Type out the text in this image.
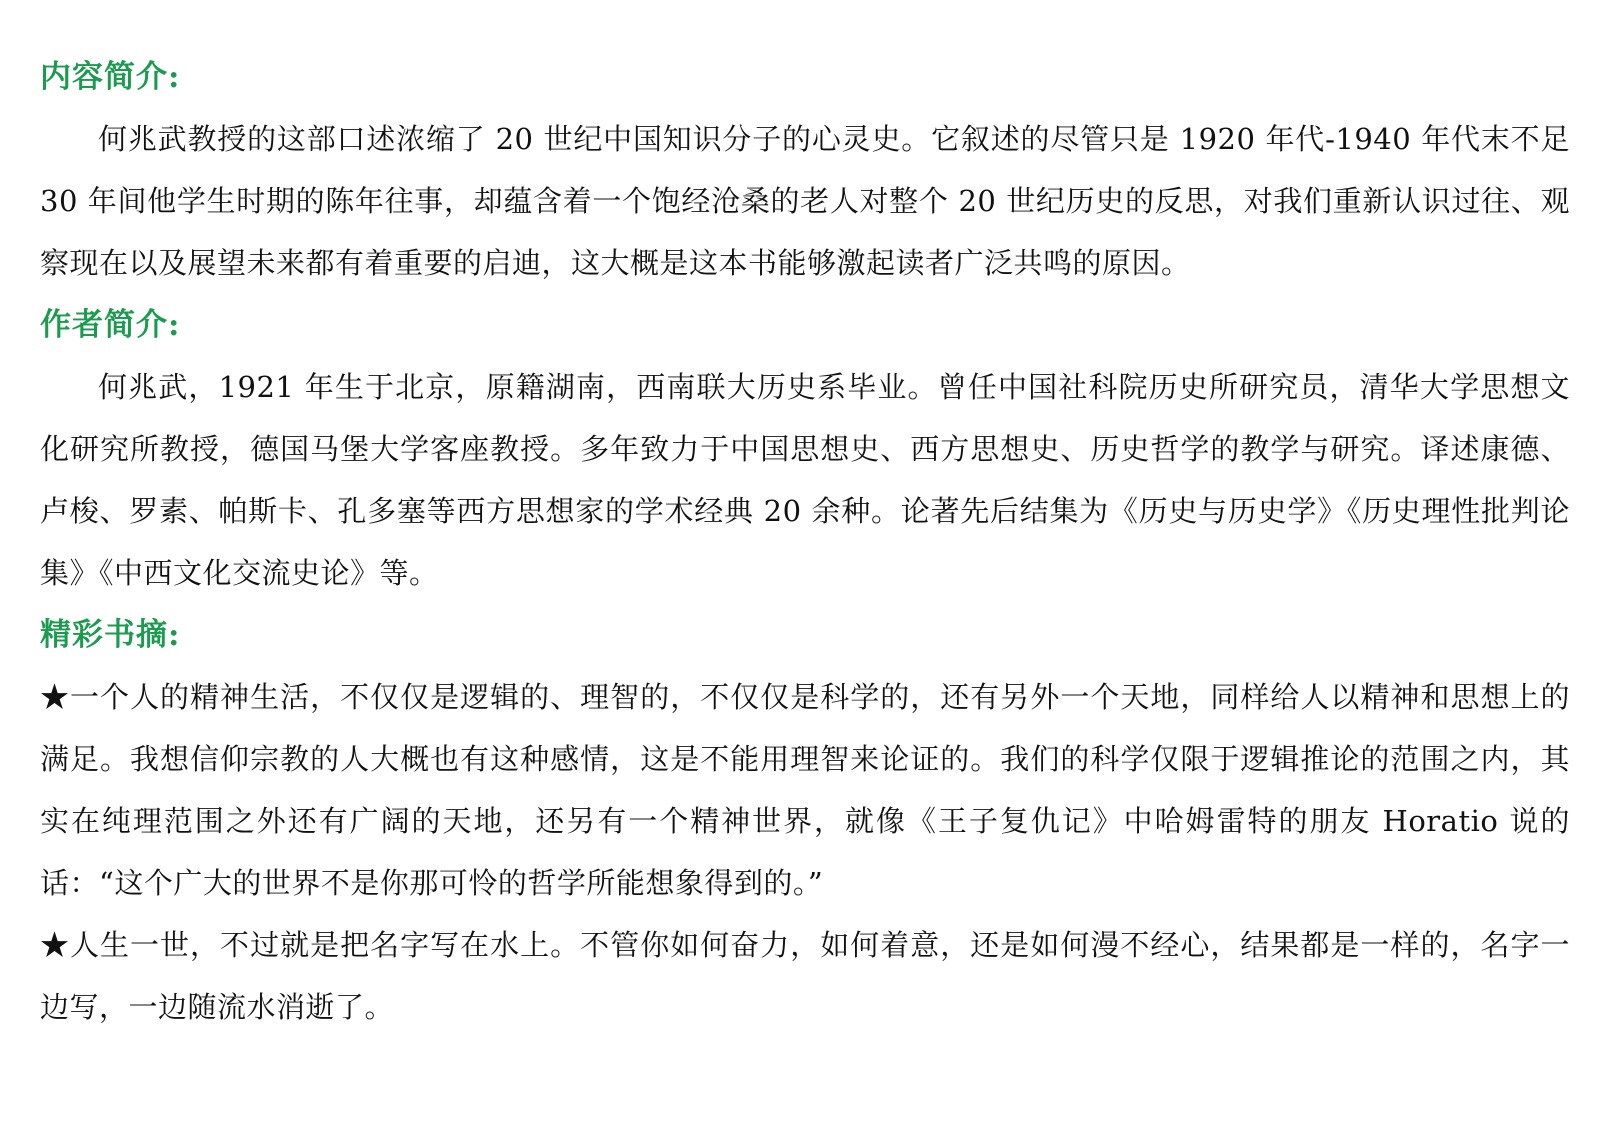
内容简介:

何兆武教授的这部口述浓缩了 20 世纪中国知识分子的心灵史。它叙述的尽管只是 1920 年代-1940 年代末不足 30 年间他学生时期的陈年往事，却蕴含着一个饱经沧桑的老人对整个 20 世纪历史的反思，对我们重新认识过往、观察现在以及展望未来都有着重要的启迪，这大概是这本书能够激起读者广泛共鸣的原因。

作者简介:

何兆武，1921 年生于北京，原籍湖南，西南联大历史系毕业。曾任中国社科院历史所研究员，清华大学思想文化研究所教授，德国马堡大学客座教授。多年致力于中国思想史、西方思想史、历史哲学的教学与研究。译述康德、卢梭、罗素、帕斯卡、孔多塞等西方思想家的学术经典 20 余种。论著先后结集为《历史与历史学》《历史理性批判论集》《中西文化交流史论》等。

精彩书摘:

★一个人的精神生活，不仅仅是逻辑的、理智的，不仅仅是科学的，还有另外一个天地，同样给人以精神和思想上的满足。我想信仰宗教的人大概也有这种感情，这是不能用理智来论证的。我们的科学仅限于逻辑推论的范围之内，其实在纯理范围之外还有广阔的天地，还另有一个精神世界，就像《王子复仇记》中哈姆雷特的朋友 Horatio 说的话：“这个广大的世界不是你那可怜的哲学所能想象得到的。”

★人生一世，不过就是把名字写在水上。不管你如何奋力，如何着意，还是如何漫不经心，结果都是一样的，名字一边写，一边随流水消逝了。
